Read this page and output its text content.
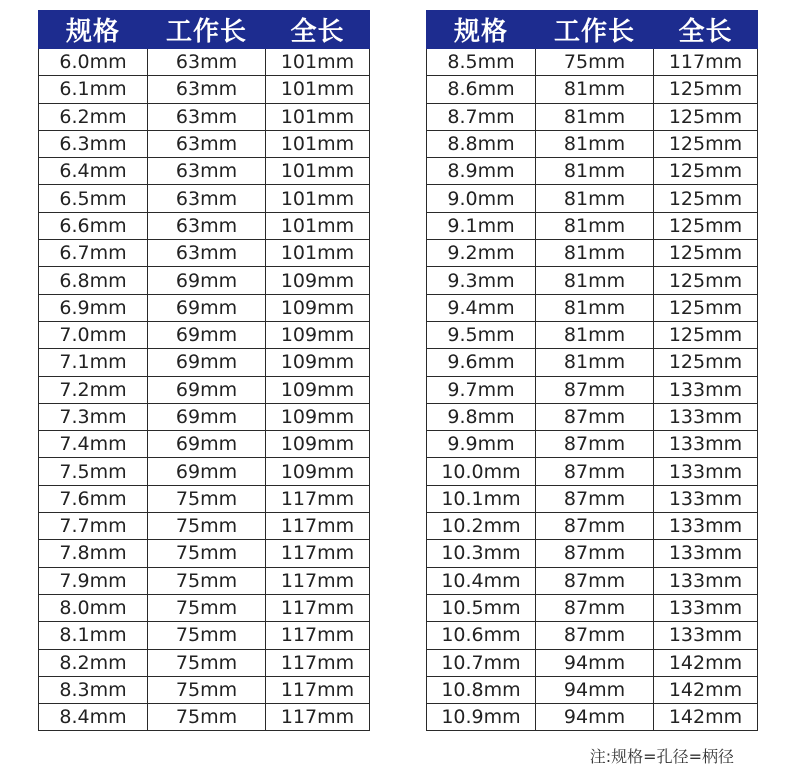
规格	工作长	全长
6.0mm	63mm	101mm
6.1mm	63mm	101mm
6.2mm	63mm	101mm
6.3mm	63mm	101mm
6.4mm	63mm	101mm
6.5mm	63mm	101mm
6.6mm	63mm	101mm
6.7mm	63mm	101mm
6.8mm	69mm	109mm
6.9mm	69mm	109mm
7.0mm	69mm	109mm
7.1mm	69mm	109mm
7.2mm	69mm	109mm
7.3mm	69mm	109mm
7.4mm	69mm	109mm
7.5mm	69mm	109mm
7.6mm	75mm	117mm
7.7mm	75mm	117mm
7.8mm	75mm	117mm
7.9mm	75mm	117mm
8.0mm	75mm	117mm
8.1mm	75mm	117mm
8.2mm	75mm	117mm
8.3mm	75mm	117mm
8.4mm	75mm	117mm
规格	工作长	全长
8.5mm	75mm	117mm
8.6mm	81mm	125mm
8.7mm	81mm	125mm
8.8mm	81mm	125mm
8.9mm	81mm	125mm
9.0mm	81mm	125mm
9.1mm	81mm	125mm
9.2mm	81mm	125mm
9.3mm	81mm	125mm
9.4mm	81mm	125mm
9.5mm	81mm	125mm
9.6mm	81mm	125mm
9.7mm	87mm	133mm
9.8mm	87mm	133mm
9.9mm	87mm	133mm
10.0mm	87mm	133mm
10.1mm	87mm	133mm
10.2mm	87mm	133mm
10.3mm	87mm	133mm
10.4mm	87mm	133mm
10.5mm	87mm	133mm
10.6mm	87mm	133mm
10.7mm	94mm	142mm
10.8mm	94mm	142mm
10.9mm	94mm	142mm

注:规格=孔径=柄径
